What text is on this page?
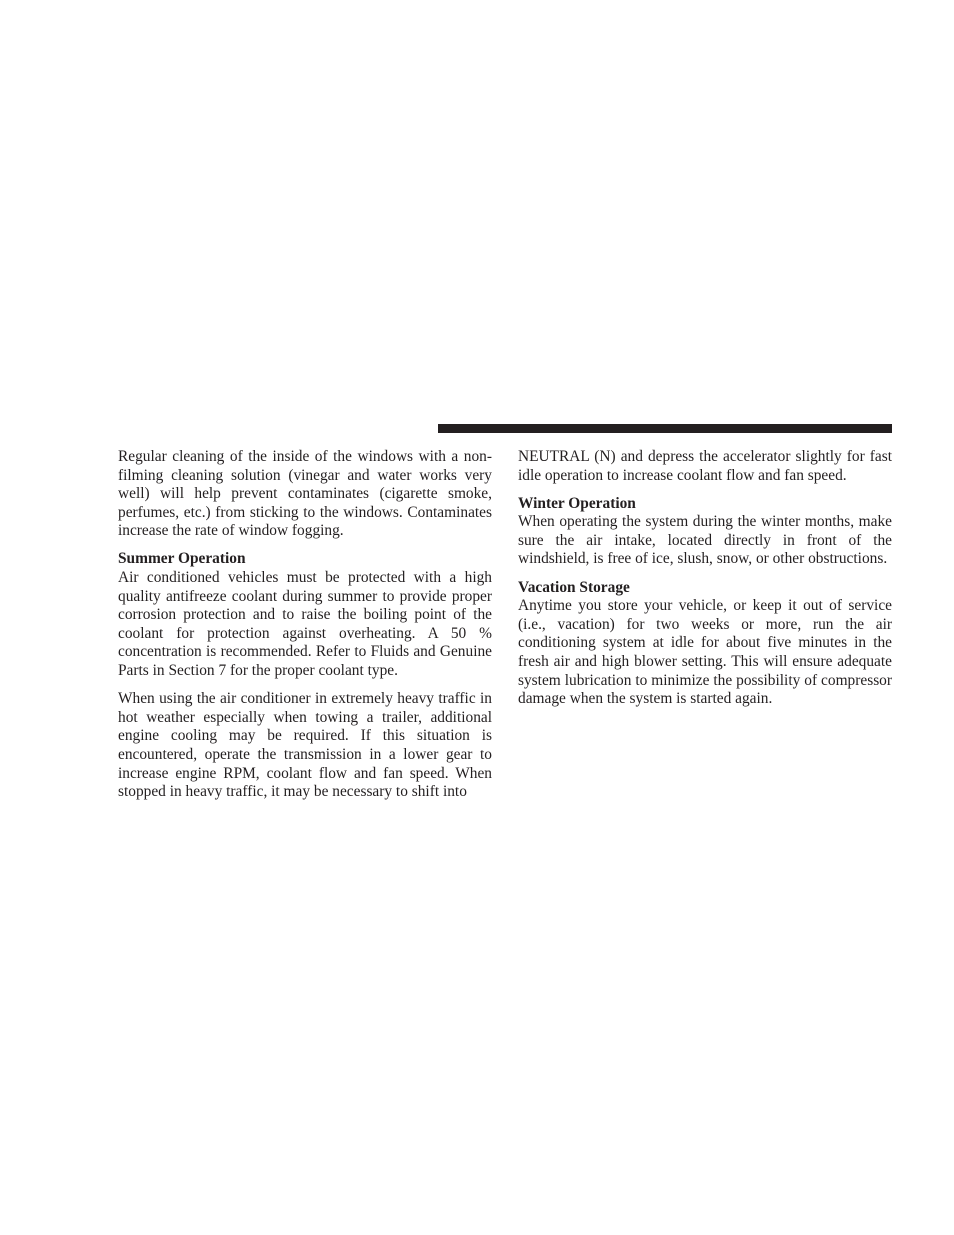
Regular cleaning of the inside of the windows with a non-filming cleaning solution (vinegar and water works very well) will help prevent contaminates (cigarette smoke, perfumes, etc.) from sticking to the windows. Contaminates increase the rate of window fogging.

Summer Operation

Air conditioned vehicles must be protected with a high quality antifreeze coolant during summer to provide proper corrosion protection and to raise the boiling point of the coolant for protection against overheating. A 50 % concentration is recommended. Refer to Fluids and Genuine Parts in Section 7 for the proper coolant type.

When using the air conditioner in extremely heavy traffic in hot weather especially when towing a trailer, additional engine cooling may be required. If this situation is encountered, operate the transmission in a lower gear to increase engine RPM, coolant flow and fan speed. When stopped in heavy traffic, it may be necessary to shift into

NEUTRAL (N) and depress the accelerator slightly for fast idle operation to increase coolant flow and fan speed.

Winter Operation

When operating the system during the winter months, make sure the air intake, located directly in front of the windshield, is free of ice, slush, snow, or other obstructions.

Vacation Storage

Anytime you store your vehicle, or keep it out of service (i.e., vacation) for two weeks or more, run the air conditioning system at idle for about five minutes in the fresh air and high blower setting. This will ensure adequate system lubrication to minimize the possibility of compressor damage when the system is started again.
